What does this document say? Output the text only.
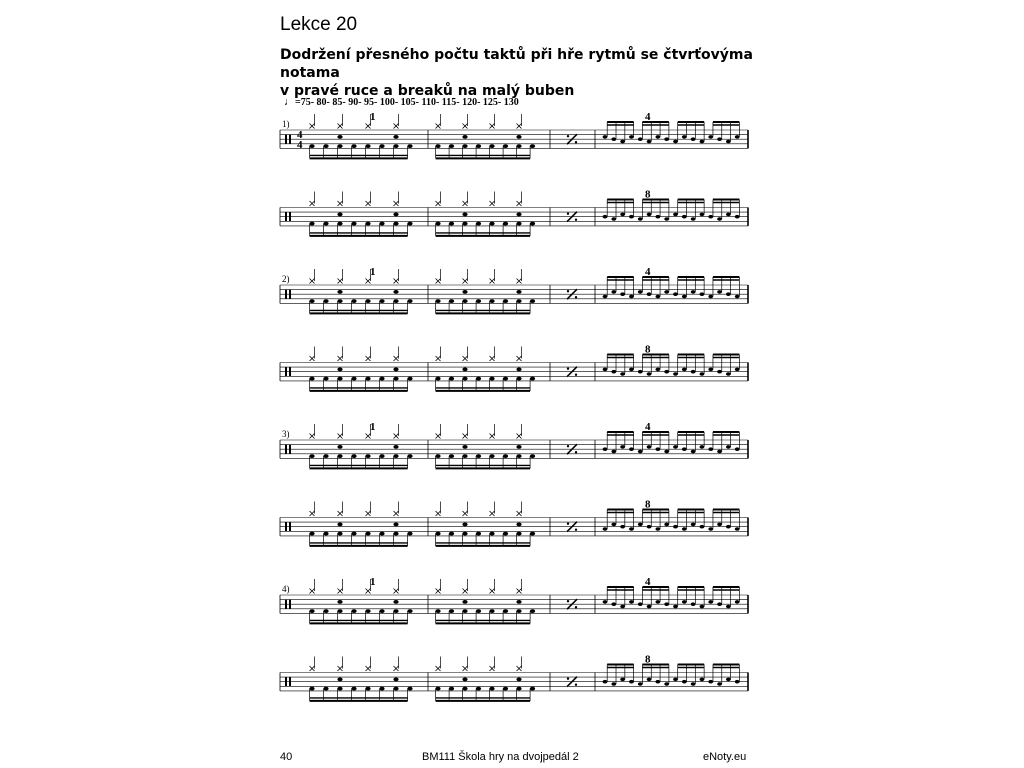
Lekce 20
Dodržení přesného počtu taktů při hře rytmů se čtvrťovýma notama
v pravé ruce a breaků na malý buben
♩=75- 80- 85- 90- 95- 100- 105- 110- 115- 120- 125- 130
4
4
1)
1	4
8
2)
1	4
8
3)
1	4
8
4)
1	4
8
40	BM111 Škola hry na dvojpedál 2	eNoty.eu
